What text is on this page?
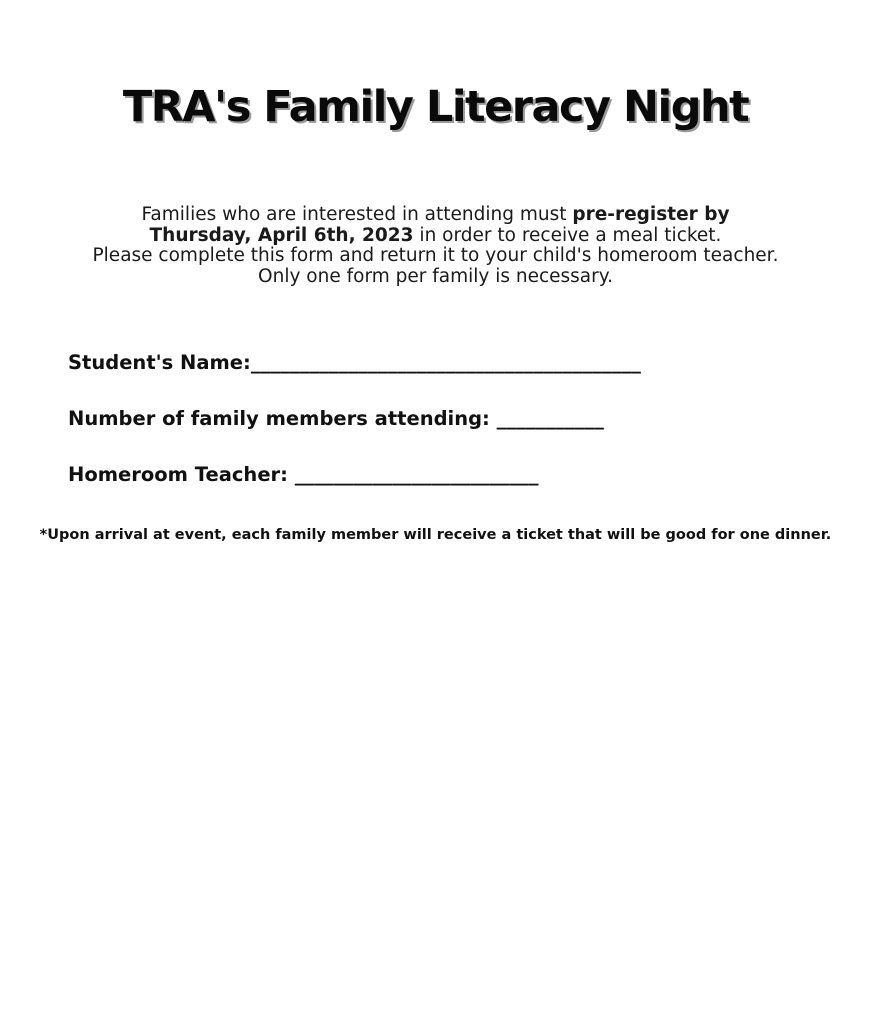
TRA's Family Literacy Night
Families who are interested in attending must pre-register by
Thursday, April 6th, 2023 in order to receive a meal ticket.
Please complete this form and return it to your child's homeroom teacher.
Only one form per family is necessary.
Student's Name:________________________________________
Number of family members attending: ___________
Homeroom Teacher: _________________________
*Upon arrival at event, each family member will receive a ticket that will be good for one dinner.
